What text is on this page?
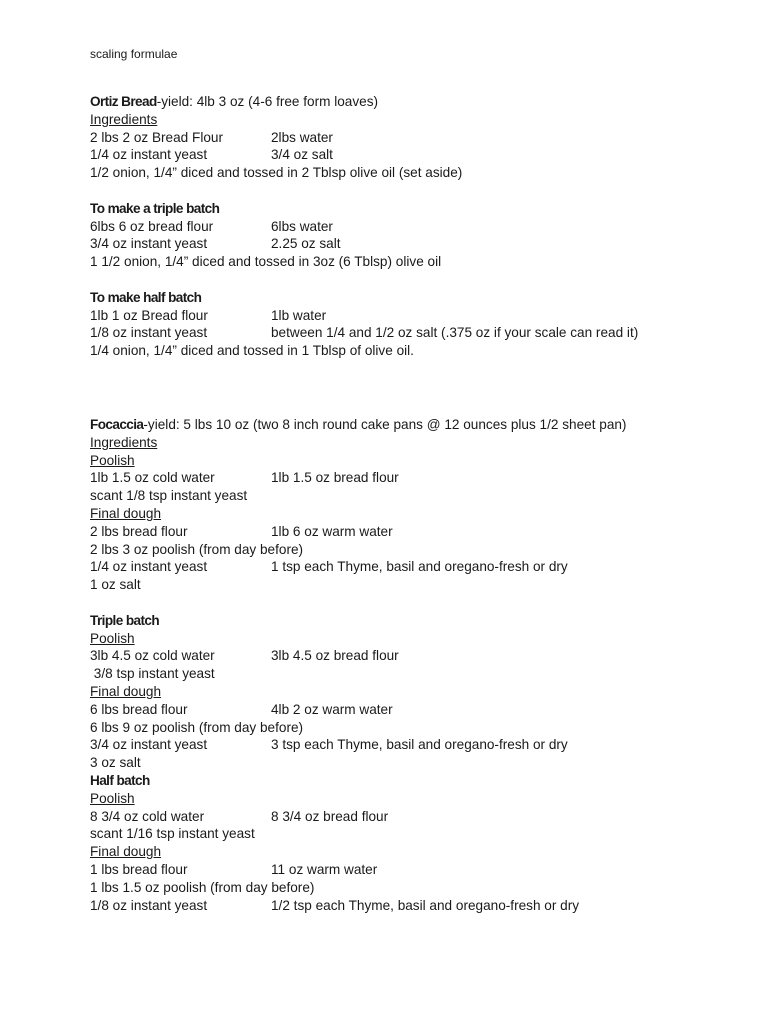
scaling formulae
Ortiz Bread-yield: 4lb 3 oz (4-6 free form loaves)
Ingredients
2 lbs 2 oz Bread Flour	2lbs water
1/4 oz instant yeast	3/4 oz salt
1/2 onion, 1/4” diced and tossed in 2 Tblsp olive oil (set aside)
To make a triple batch
6lbs 6 oz bread flour	6lbs water
3/4 oz instant yeast	2.25 oz salt
1 1/2 onion, 1/4” diced and tossed in 3oz (6 Tblsp) olive oil
To make half batch
1lb 1 oz Bread flour	1lb water
1/8 oz instant yeast	between 1/4 and 1/2 oz salt (.375 oz if your scale can read it)
1/4 onion, 1/4” diced and tossed in 1 Tblsp of olive oil.
Focaccia-yield: 5 lbs 10 oz (two 8 inch round cake pans @ 12 ounces plus 1/2 sheet pan)
Ingredients
Poolish
1lb 1.5 oz cold water	1lb 1.5 oz bread flour
scant 1/8 tsp instant yeast
Final dough
2 lbs bread flour	1lb 6 oz warm water
2 lbs 3 oz poolish (from day before)
1/4 oz instant yeast	1 tsp each Thyme, basil and oregano-fresh or dry
1 oz salt
Triple batch
Poolish
3lb 4.5 oz cold water	3lb 4.5 oz bread flour
3/8 tsp instant yeast
Final dough
6 lbs bread flour	4lb 2 oz warm water
6 lbs 9 oz poolish (from day before)
3/4 oz instant yeast	3 tsp each Thyme, basil and oregano-fresh or dry
3 oz salt
Half batch
Poolish
8 3/4 oz cold water	8 3/4 oz bread flour
scant 1/16 tsp instant yeast
Final dough
1 lbs bread flour	11 oz warm water
1 lbs 1.5 oz poolish (from day before)
1/8 oz instant yeast	1/2 tsp each Thyme, basil and oregano-fresh or dry
